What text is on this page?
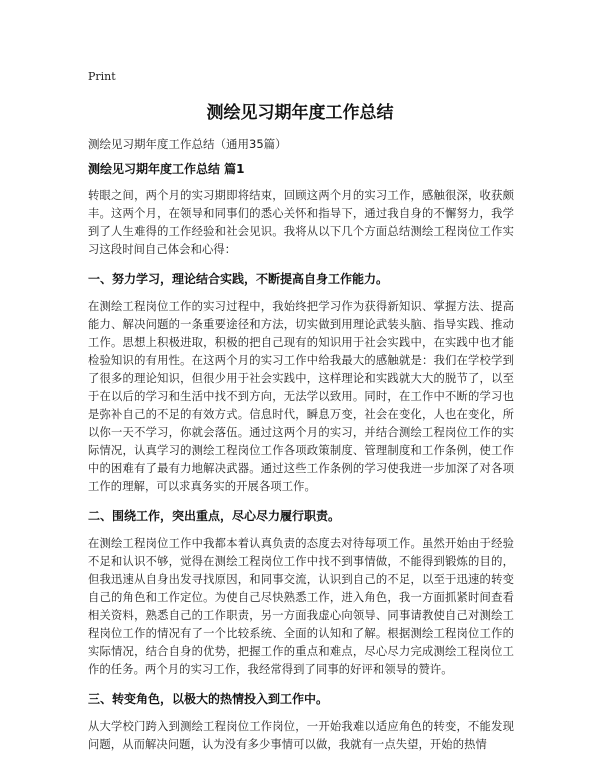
Print
测绘见习期年度工作总结

测绘见习期年度工作总结（通用35篇）

测绘见习期年度工作总结 篇1

转眼之间，两个月的实习期即将结束，回顾这两个月的实习工作，感触很深，收获颇丰。这两个月，在领导和同事们的悉心关怀和指导下，通过我自身的不懈努力，我学到了人生难得的工作经验和社会见识。我将从以下几个方面总结测绘工程岗位工作实习这段时间自己体会和心得：

一、努力学习，理论结合实践，不断提高自身工作能力。

在测绘工程岗位工作的实习过程中，我始终把学习作为获得新知识、掌握方法、提高能力、解决问题的一条重要途径和方法，切实做到用理论武装头脑、指导实践、推动工作。思想上积极进取，积极的把自己现有的知识用于社会实践中，在实践中也才能检验知识的有用性。在这两个月的实习工作中给我最大的感触就是：我们在学校学到了很多的理论知识，但很少用于社会实践中，这样理论和实践就大大的脱节了，以至于在以后的学习和生活中找不到方向，无法学以致用。同时，在工作中不断的学习也是弥补自己的不足的有效方式。信息时代，瞬息万变，社会在变化，人也在变化，所以你一天不学习，你就会落伍。通过这两个月的实习，并结合测绘工程岗位工作的实际情况，认真学习的测绘工程岗位工作各项政策制度、管理制度和工作条例，使工作中的困难有了最有力地解决武器。通过这些工作条例的学习使我进一步加深了对各项工作的理解，可以求真务实的开展各项工作。

二、围绕工作，突出重点，尽心尽力履行职责。

在测绘工程岗位工作中我都本着认真负责的态度去对待每项工作。虽然开始由于经验不足和认识不够，觉得在测绘工程岗位工作中找不到事情做，不能得到锻炼的目的，但我迅速从自身出发寻找原因，和同事交流，认识到自己的不足，以至于迅速的转变自己的角色和工作定位。为使自己尽快熟悉工作，进入角色，我一方面抓紧时间查看相关资料，熟悉自己的工作职责，另一方面我虚心向领导、同事请教使自己对测绘工程岗位工作的情况有了一个比较系统、全面的认知和了解。根据测绘工程岗位工作的实际情况，结合自身的优势，把握工作的重点和难点，尽心尽力完成测绘工程岗位工作的任务。两个月的实习工作，我经常得到了同事的好评和领导的赞许。

三、转变角色，以极大的热情投入到工作中。

从大学校门跨入到测绘工程岗位工作岗位，一开始我难以适应角色的转变，不能发现问题，从而解决问题，认为没有多少事情可以做，我就有一点失望，开始的热情
